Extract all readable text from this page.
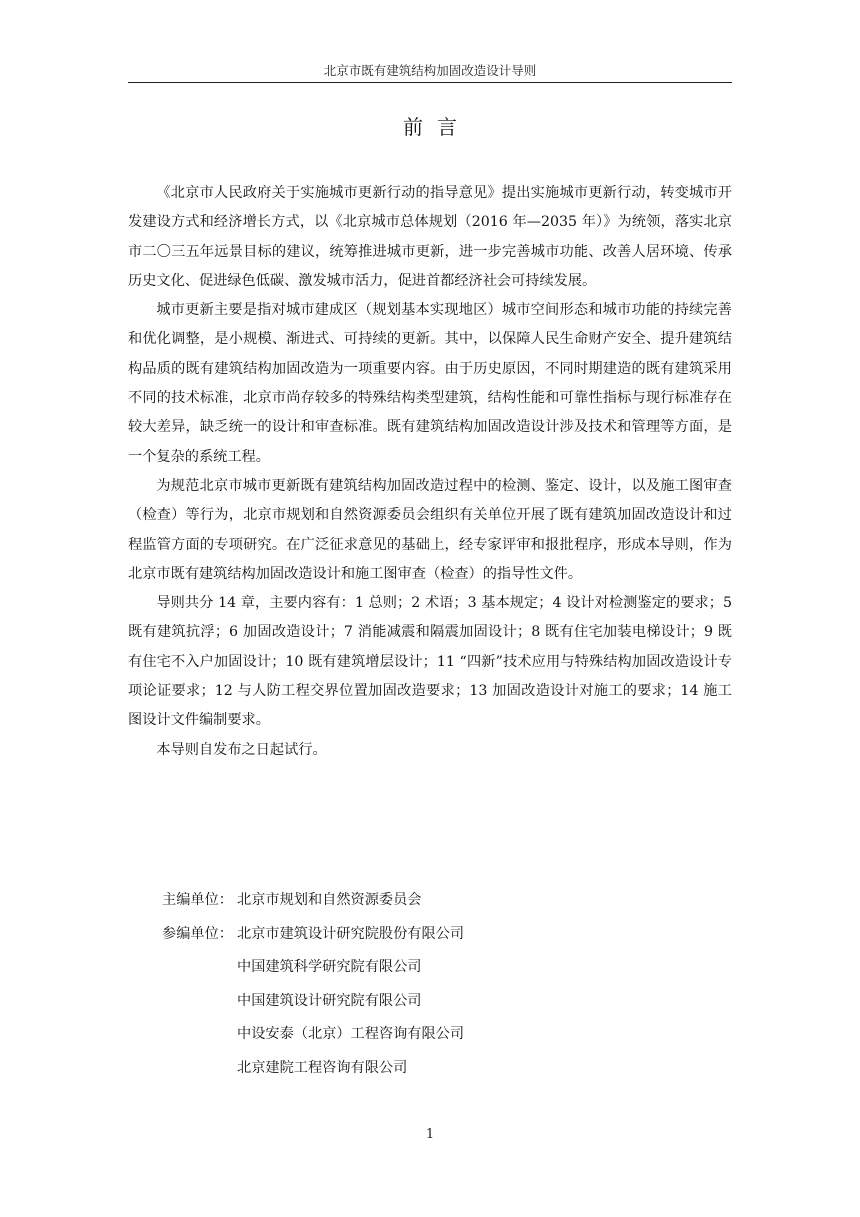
北京市既有建筑结构加固改造设计导则
前言

《北京市人民政府关于实施城市更新行动的指导意见》提出实施城市更新行动，转变城市开发建设方式和经济增长方式，以《北京城市总体规划（2016 年—2035 年）》为统领，落实北京市二〇三五年远景目标的建议，统筹推进城市更新，进一步完善城市功能、改善人居环境、传承历史文化、促进绿色低碳、激发城市活力，促进首都经济社会可持续发展。

城市更新主要是指对城市建成区（规划基本实现地区）城市空间形态和城市功能的持续完善和优化调整，是小规模、渐进式、可持续的更新。其中，以保障人民生命财产安全、提升建筑结构品质的既有建筑结构加固改造为一项重要内容。由于历史原因，不同时期建造的既有建筑采用不同的技术标准，北京市尚存较多的特殊结构类型建筑，结构性能和可靠性指标与现行标准存在较大差异，缺乏统一的设计和审查标准。既有建筑结构加固改造设计涉及技术和管理等方面，是一个复杂的系统工程。

为规范北京市城市更新既有建筑结构加固改造过程中的检测、鉴定、设计，以及施工图审查（检查）等行为，北京市规划和自然资源委员会组织有关单位开展了既有建筑加固改造设计和过程监管方面的专项研究。在广泛征求意见的基础上，经专家评审和报批程序，形成本导则，作为北京市既有建筑结构加固改造设计和施工图审查（检查）的指导性文件。

导则共分 14 章，主要内容有：1 总则；2 术语；3 基本规定；4 设计对检测鉴定的要求；5 既有建筑抗浮；6 加固改造设计；7 消能减震和隔震加固设计；8 既有住宅加装电梯设计；9 既有住宅不入户加固设计；10 既有建筑增层设计；11 “四新”技术应用与特殊结构加固改造设计专项论证要求；12 与人防工程交界位置加固改造要求；13 加固改造设计对施工的要求；14 施工图设计文件编制要求。

本导则自发布之日起试行。

主编单位： 北京市规划和自然资源委员会
参编单位： 北京市建筑设计研究院股份有限公司
中国建筑科学研究院有限公司
中国建筑设计研究院有限公司
中设安泰（北京）工程咨询有限公司
北京建院工程咨询有限公司
1
